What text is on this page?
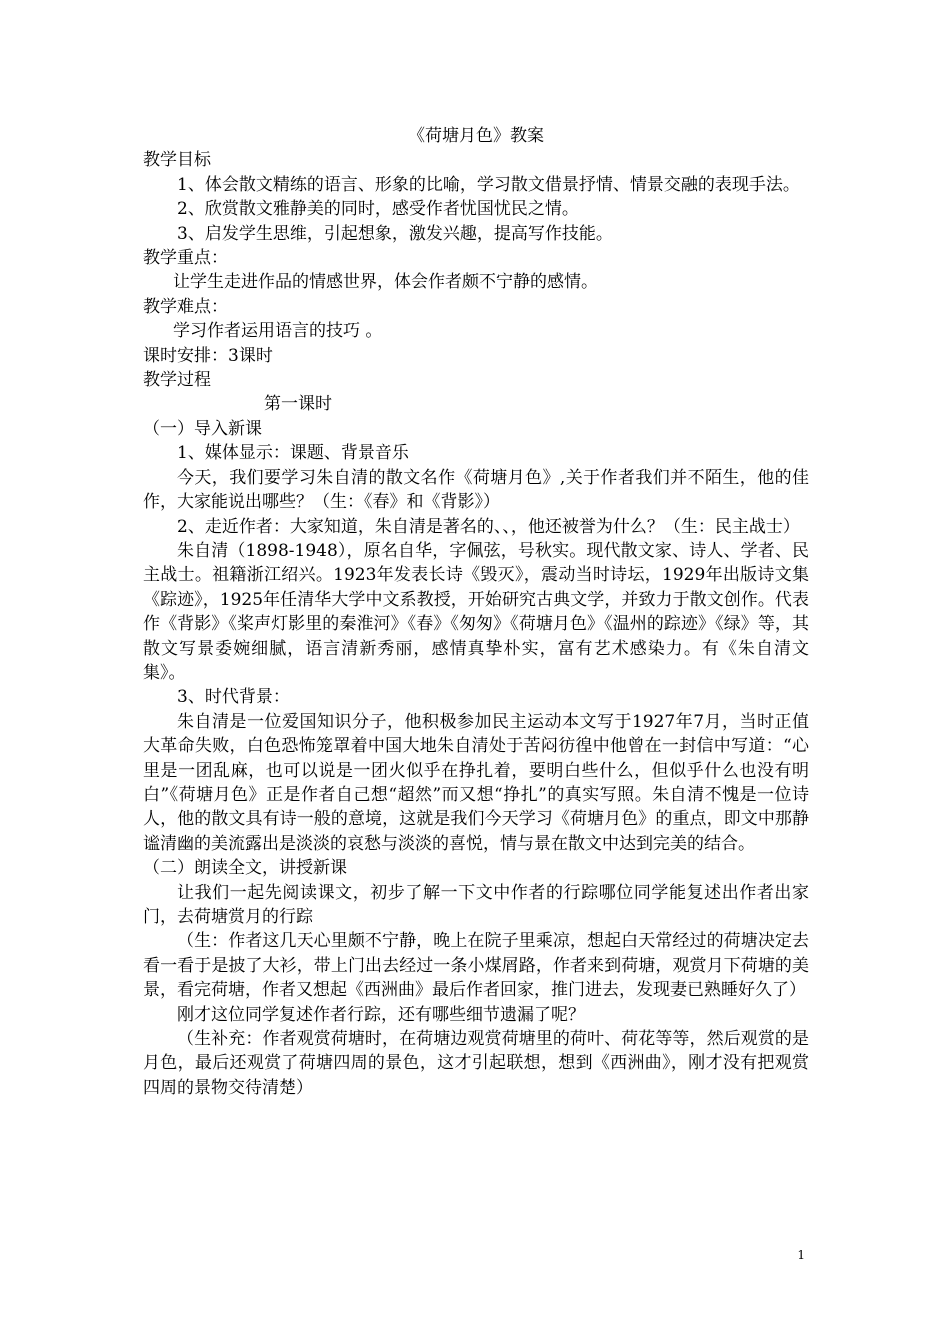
《荷塘月色》教案

教学目标

1、体会散文精练的语言、形象的比喻，学习散文借景抒情、情景交融的表现手法。

2、欣赏散文雅静美的同时，感受作者忧国忧民之情。

3、启发学生思维，引起想象，激发兴趣，提高写作技能。

教学重点：

让学生走进作品的情感世界，体会作者颇不宁静的感情。

教学难点：

学习作者运用语言的技巧 。

课时安排：3课时

教学过程

第一课时

（一）导入新课

1、媒体显示：课题、背景音乐

今天，我们要学习朱自清的散文名作《荷塘月色》,关于作者我们并不陌生，他的佳作，大家能说出哪些？（生：《春》和《背影》）

2、走近作者：大家知道，朱自清是著名的、、，他还被誉为什么？（生：民主战士）

朱自清（1898-1948），原名自华，字佩弦，号秋实。现代散文家、诗人、学者、民主战士。祖籍浙江绍兴。1923年发表长诗《毁灭》，震动当时诗坛，1929年出版诗文集《踪迹》，1925年任清华大学中文系教授，开始研究古典文学，并致力于散文创作。代表作《背影》《桨声灯影里的秦淮河》《春》《匆匆》《荷塘月色》《温州的踪迹》《绿》等，其散文写景委婉细腻，语言清新秀丽，感情真挚朴实，富有艺术感染力。有《朱自清文集》。

3、时代背景：

朱自清是一位爱国知识分子，他积极参加民主运动本文写于1927年7月，当时正值大革命失败，白色恐怖笼罩着中国大地朱自清处于苦闷彷徨中他曾在一封信中写道：“心里是一团乱麻，也可以说是一团火似乎在挣扎着，要明白些什么，但似乎什么也没有明白”《荷塘月色》正是作者自己想“超然”而又想“挣扎”的真实写照。朱自清不愧是一位诗人，他的散文具有诗一般的意境，这就是我们今天学习《荷塘月色》的重点，即文中那静谧清幽的美流露出是淡淡的哀愁与淡淡的喜悦，情与景在散文中达到完美的结合。

（二）朗读全文，讲授新课

让我们一起先阅读课文，初步了解一下文中作者的行踪哪位同学能复述出作者出家门，去荷塘赏月的行踪

（生：作者这几天心里颇不宁静，晚上在院子里乘凉，想起白天常经过的荷塘决定去看一看于是披了大衫，带上门出去经过一条小煤屑路，作者来到荷塘，观赏月下荷塘的美景，看完荷塘，作者又想起《西洲曲》最后作者回家，推门进去，发现妻已熟睡好久了）

刚才这位同学复述作者行踪，还有哪些细节遗漏了呢？

（生补充：作者观赏荷塘时，在荷塘边观赏荷塘里的荷叶、荷花等等，然后观赏的是月色，最后还观赏了荷塘四周的景色，这才引起联想，想到《西洲曲》，刚才没有把观赏四周的景物交待清楚）

1
